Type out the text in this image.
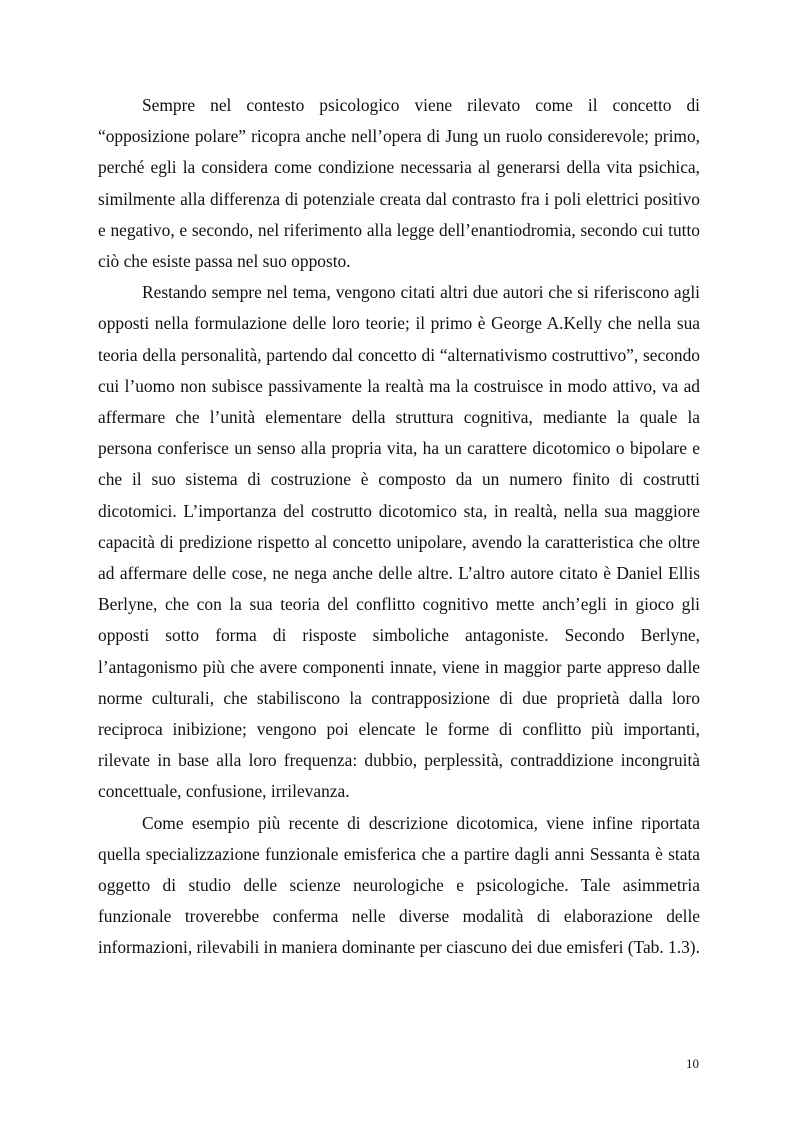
Sempre nel contesto psicologico viene rilevato come il concetto di “opposizione polare” ricopra anche nell’opera di Jung un ruolo considerevole; primo, perché egli la considera come condizione necessaria al generarsi della vita psichica, similmente alla differenza di potenziale creata dal contrasto fra i poli elettrici positivo e negativo, e secondo, nel riferimento alla legge dell’enantiodromia, secondo cui tutto ciò che esiste passa nel suo opposto.

Restando sempre nel tema, vengono citati altri due autori che si riferiscono agli opposti nella formulazione delle loro teorie; il primo è George A.Kelly che nella sua teoria della personalità, partendo dal concetto di “alternativismo costruttivo”, secondo cui l’uomo non subisce passivamente la realtà ma la costruisce in modo attivo, va ad affermare che l’unità elementare della struttura cognitiva, mediante la quale la persona conferisce un senso alla propria vita, ha un carattere dicotomico o bipolare e che il suo sistema di costruzione è composto da un numero finito di costrutti dicotomici. L’importanza del costrutto dicotomico sta, in realtà, nella sua maggiore capacità di predizione rispetto al concetto unipolare, avendo la caratteristica che oltre ad affermare delle cose, ne nega anche delle altre. L’altro autore citato è Daniel Ellis Berlyne, che con la sua teoria del conflitto cognitivo mette anch’egli in gioco gli opposti sotto forma di risposte simboliche antagoniste. Secondo Berlyne, l’antagonismo più che avere componenti innate, viene in maggior parte appreso dalle norme culturali, che stabiliscono la contrapposizione di due proprietà dalla loro reciproca inibizione; vengono poi elencate le forme di conflitto più importanti, rilevate in base alla loro frequenza: dubbio, perplessità, contraddizione incongruità concettuale, confusione, irrilevanza.

Come esempio più recente di descrizione dicotomica, viene infine riportata quella specializzazione funzionale emisferica che a partire dagli anni Sessanta è stata oggetto di studio delle scienze neurologiche e psicologiche. Tale asimmetria funzionale troverebbe conferma nelle diverse modalità di elaborazione delle informazioni, rilevabili in maniera dominante per ciascuno dei due emisferi (Tab. 1.3).

10
